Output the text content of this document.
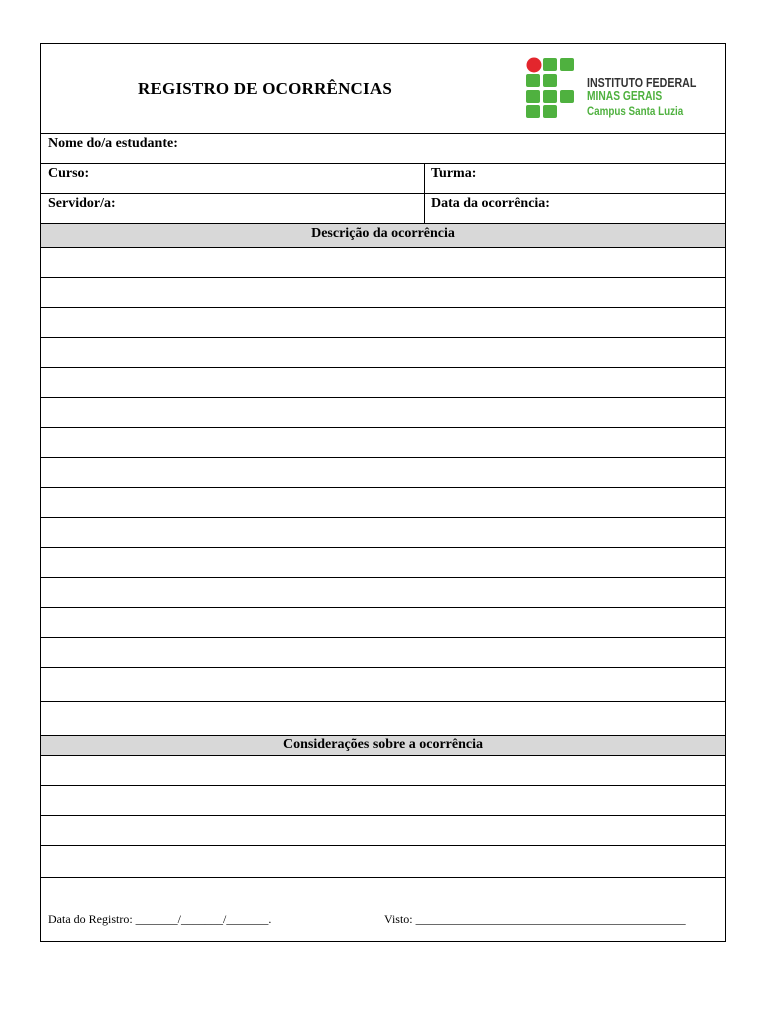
REGISTRO DE OCORRÊNCIAS	INSTITUTO FEDERAL
MINAS GERAIS
Campus Santa Luzia
Nome do/a estudante:
Curso:	Turma:
Servidor/a:	Data da ocorrência:
Descrição da ocorrência
Considerações sobre a ocorrência
Data do Registro: _______/_______/_______.	Visto: _____________________________________________
